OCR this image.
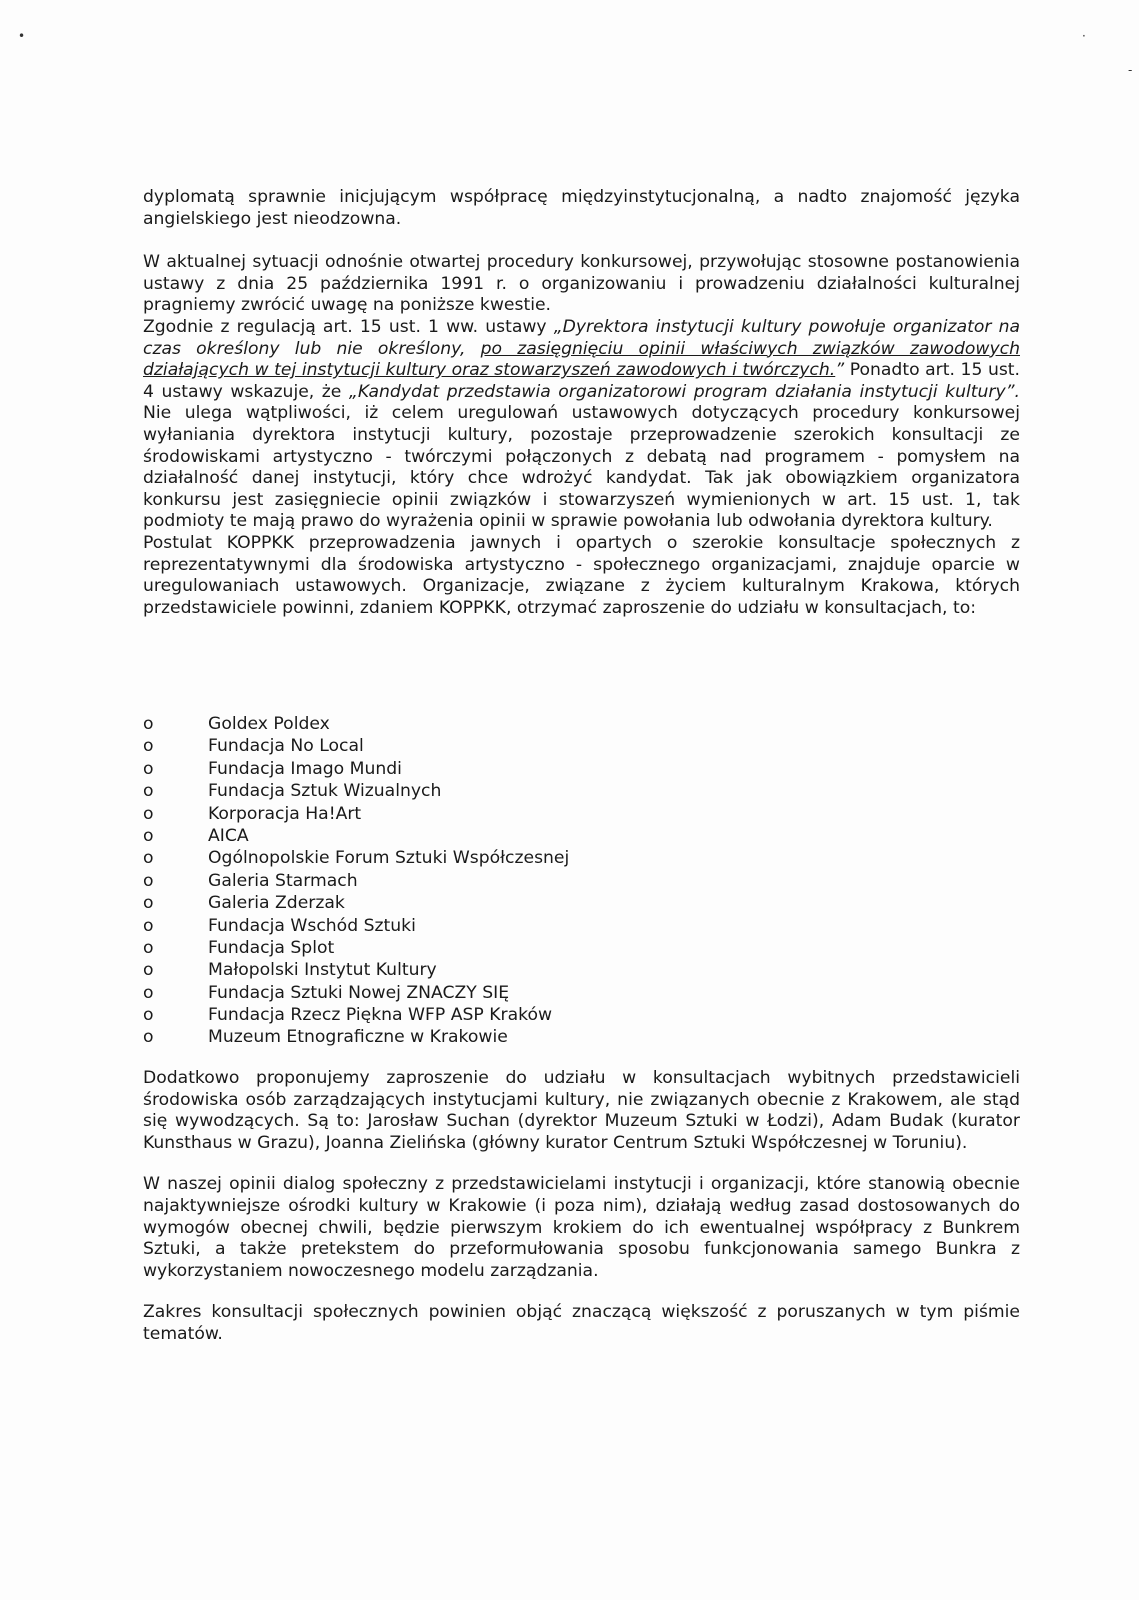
•	·
-

dyplomatą sprawnie inicjującym współpracę międzyinstytucjonalną, a nadto znajomość języka angielskiego jest nieodzowna.

W aktualnej sytuacji odnośnie otwartej procedury konkursowej, przywołując stosowne postanowienia ustawy z dnia 25 października 1991 r. o organizowaniu i prowadzeniu działalności kulturalnej pragniemy zwrócić uwagę na poniższe kwestie.

Zgodnie z regulacją art. 15 ust. 1 ww. ustawy „Dyrektora instytucji kultury powołuje organizator na czas określony lub nie określony, po zasięgnięciu opinii właściwych związków zawodowych działających w tej instytucji kultury oraz stowarzyszeń zawodowych i twórczych.” Ponadto art. 15 ust. 4 ustawy wskazuje, że „Kandydat przedstawia organizatorowi program działania instytucji kultury”. Nie ulega wątpliwości, iż celem uregulowań ustawowych dotyczących procedury konkursowej wyłaniania dyrektora instytucji kultury, pozostaje przeprowadzenie szerokich konsultacji ze środowiskami artystyczno - twórczymi połączonych z debatą nad programem - pomysłem na działalność danej instytucji, który chce wdrożyć kandydat. Tak jak obowiązkiem organizatora konkursu jest zasięgniecie opinii związków i stowarzyszeń wymienionych w art. 15 ust. 1, tak podmioty te mają prawo do wyrażenia opinii w sprawie powołania lub odwołania dyrektora kultury.

Postulat KOPPKK przeprowadzenia jawnych i opartych o szerokie konsultacje społecznych z reprezentatywnymi dla środowiska artystyczno - społecznego organizacjami, znajduje oparcie w uregulowaniach ustawowych. Organizacje, związane z życiem kulturalnym Krakowa, których przedstawiciele powinni, zdaniem KOPPKK, otrzymać zaproszenie do udziału w konsultacjach, to:

o	Goldex Poldex
o	Fundacja No Local
o	Fundacja Imago Mundi
o	Fundacja Sztuk Wizualnych
o	Korporacja Ha!Art
o	AICA
o	Ogólnopolskie Forum Sztuki Współczesnej
o	Galeria Starmach
o	Galeria Zderzak
o	Fundacja Wschód Sztuki
o	Fundacja Splot
o	Małopolski Instytut Kultury
o	Fundacja Sztuki Nowej ZNACZY SIĘ
o	Fundacja Rzecz Piękna WFP ASP Kraków
o	Muzeum Etnograficzne w Krakowie

Dodatkowo proponujemy zaproszenie do udziału w konsultacjach wybitnych przedstawicieli środowiska osób zarządzających instytucjami kultury, nie związanych obecnie z Krakowem, ale stąd się wywodzących. Są to: Jarosław Suchan (dyrektor Muzeum Sztuki w Łodzi), Adam Budak (kurator Kunsthaus w Grazu), Joanna Zielińska (główny kurator Centrum Sztuki Współczesnej w Toruniu).

W naszej opinii dialog społeczny z przedstawicielami instytucji i organizacji, które stanowią obecnie najaktywniejsze ośrodki kultury w Krakowie (i poza nim), działają według zasad dostosowanych do wymogów obecnej chwili, będzie pierwszym krokiem do ich ewentualnej współpracy z Bunkrem Sztuki, a także pretekstem do przeformułowania sposobu funkcjonowania samego Bunkra z wykorzystaniem nowoczesnego modelu zarządzania.

Zakres konsultacji społecznych powinien objąć znaczącą większość z poruszanych w tym piśmie tematów.
